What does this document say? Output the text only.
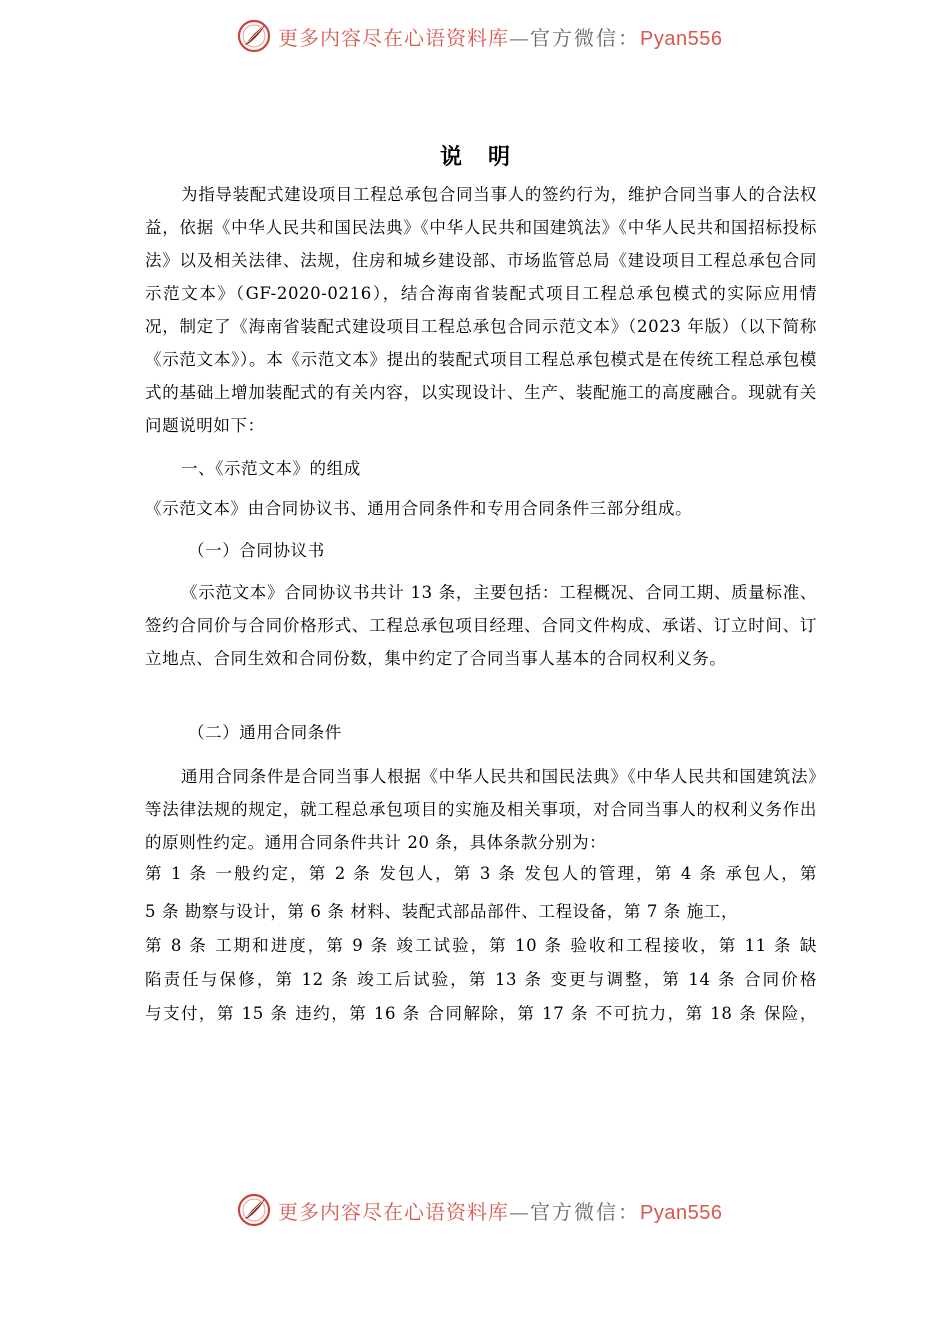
更多内容尽在心语资料库—官方微信：Pyan556
说明

为指导装配式建设项目工程总承包合同当事人的签约行为，维护合同当事人的合法权益，依据《中华人民共和国民法典》《中华人民共和国建筑法》《中华人民共和国招标投标法》以及相关法律、法规，住房和城乡建设部、市场监管总局《建设项目工程总承包合同示范文本》（GF-2020-0216），结合海南省装配式项目工程总承包模式的实际应用情况，制定了《海南省装配式建设项目工程总承包合同示范文本》（2023 年版）（以下简称《示范文本》）。本《示范文本》提出的装配式项目工程总承包模式是在传统工程总承包模式的基础上增加装配式的有关内容，以实现设计、生产、装配施工的高度融合。现就有关问题说明如下：

一、《示范文本》的组成

《示范文本》由合同协议书、通用合同条件和专用合同条件三部分组成。

（一）合同协议书

《示范文本》合同协议书共计 13 条，主要包括：工程概况、合同工期、质量标准、签约合同价与合同价格形式、工程总承包项目经理、合同文件构成、承诺、订立时间、订立地点、合同生效和合同份数，集中约定了合同当事人基本的合同权利义务。

（二）通用合同条件

通用合同条件是合同当事人根据《中华人民共和国民法典》《中华人民共和国建筑法》等法律法规的规定，就工程总承包项目的实施及相关事项，对合同当事人的权利义务作出的原则性约定。通用合同条件共计 20 条，具体条款分别为：

第 1 条 一般约定，第 2 条 发包人，第 3 条 发包人的管理，第 4 条 承包人，第

5 条 勘察与设计，第 6 条 材料、装配式部品部件、工程设备，第 7 条 施工，

第 8 条 工期和进度，第 9 条 竣工试验，第 10 条 验收和工程接收，第 11 条 缺

陷责任与保修，第 12 条 竣工后试验，第 13 条 变更与调整，第 14 条 合同价格

与支付，第 15 条 违约，第 16 条 合同解除，第 17 条 不可抗力，第 18 条 保险，

更多内容尽在心语资料库—官方微信：Pyan556
